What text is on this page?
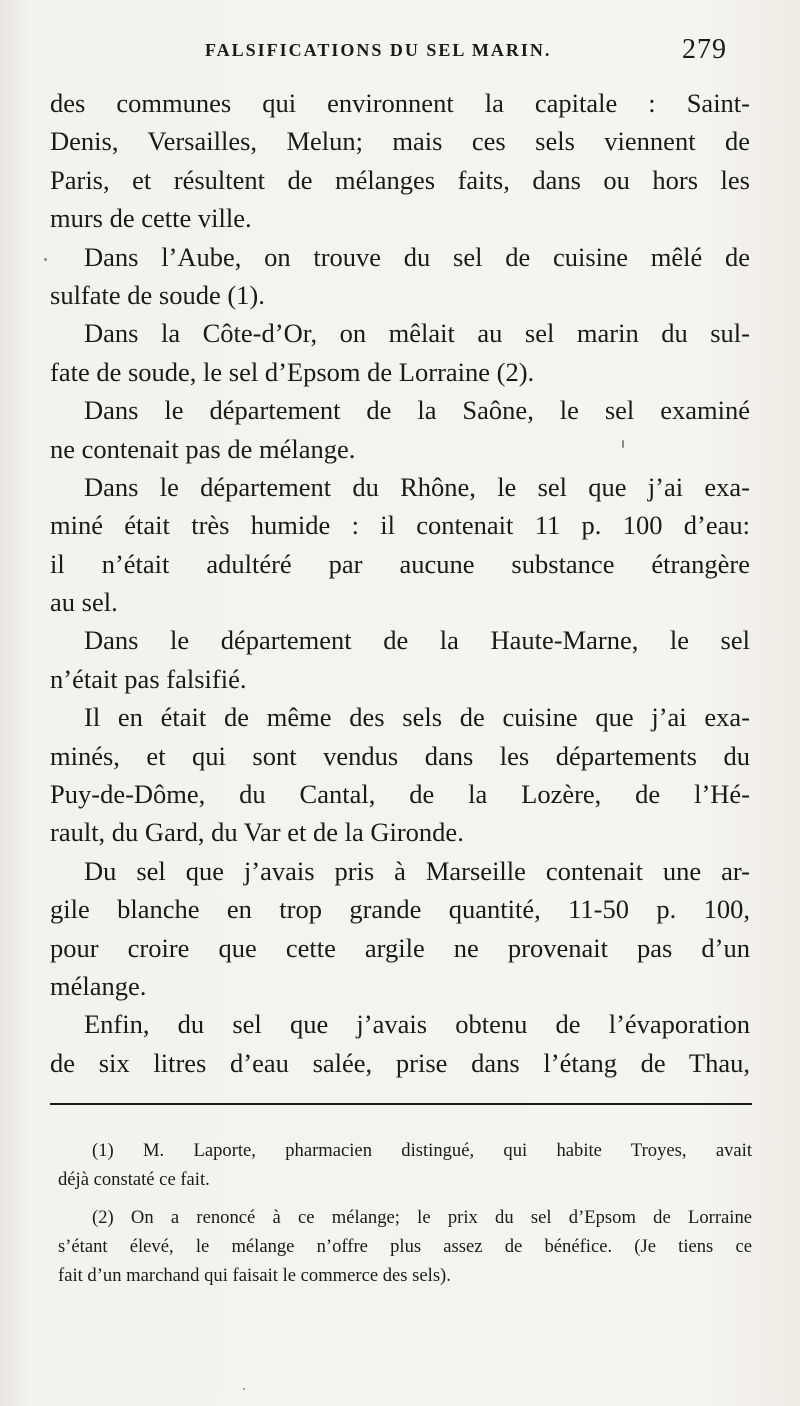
FALSIFICATIONS DU SEL MARIN.	279
des communes qui environnent la capitale : Saint-
Denis, Versailles, Melun; mais ces sels viennent de
Paris, et résultent de mélanges faits, dans ou hors les
murs de cette ville.
Dans l’Aube, on trouve du sel de cuisine mêlé de
sulfate de soude (1).
Dans la Côte-d’Or, on mêlait au sel marin du sul-
fate de soude, le sel d’Epsom de Lorraine (2).
Dans le département de la Saône, le sel examiné
ne contenait pas de mélange.
Dans le département du Rhône, le sel que j’ai exa-
miné était très humide : il contenait 11 p. 100 d’eau:
il n’était adultéré par aucune substance étrangère
au sel.
Dans le département de la Haute-Marne, le sel
n’était pas falsifié.
Il en était de même des sels de cuisine que j’ai exa-
minés, et qui sont vendus dans les départements du
Puy-de-Dôme, du Cantal, de la Lozère, de l’Hé-
rault, du Gard, du Var et de la Gironde.
Du sel que j’avais pris à Marseille contenait une ar-
gile blanche en trop grande quantité, 11-50 p. 100,
pour croire que cette argile ne provenait pas d’un
mélange.
Enfin, du sel que j’avais obtenu de l’évaporation
de six litres d’eau salée, prise dans l’étang de Thau,
(1) M. Laporte, pharmacien distingué, qui habite Troyes, avait
déjà constaté ce fait.
(2) On a renoncé à ce mélange; le prix du sel d’Epsom de Lorraine
s’étant élevé, le mélange n’offre plus assez de bénéfice. (Je tiens ce
fait d’un marchand qui faisait le commerce des sels).
